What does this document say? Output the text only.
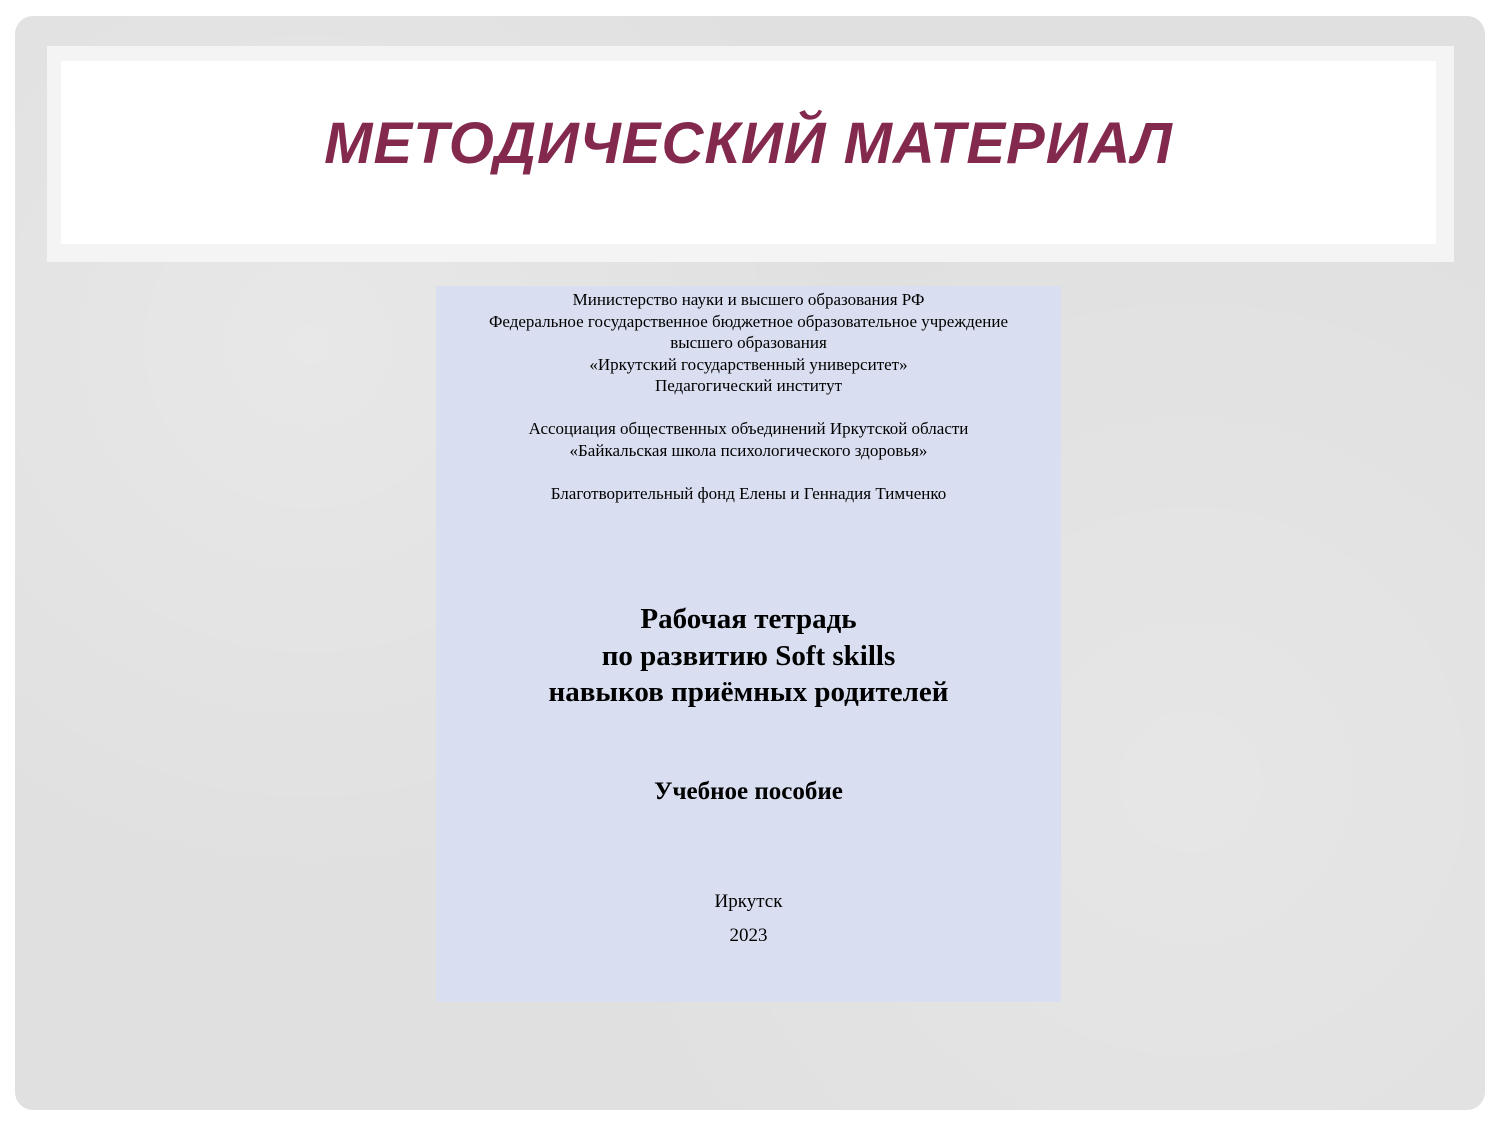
МЕТОДИЧЕСКИЙ МАТЕРИАЛ
Министерство науки и высшего образования РФ
Федеральное государственное бюджетное образовательное учреждение
высшего образования
«Иркутский государственный университет»
Педагогический институт
Ассоциация общественных объединений Иркутской области
«Байкальская школа психологического здоровья»
Благотворительный фонд Елены и Геннадия Тимченко
Рабочая тетрадь
по развитию Soft skills
навыков приёмных родителей
Учебное пособие
Иркутск
2023
